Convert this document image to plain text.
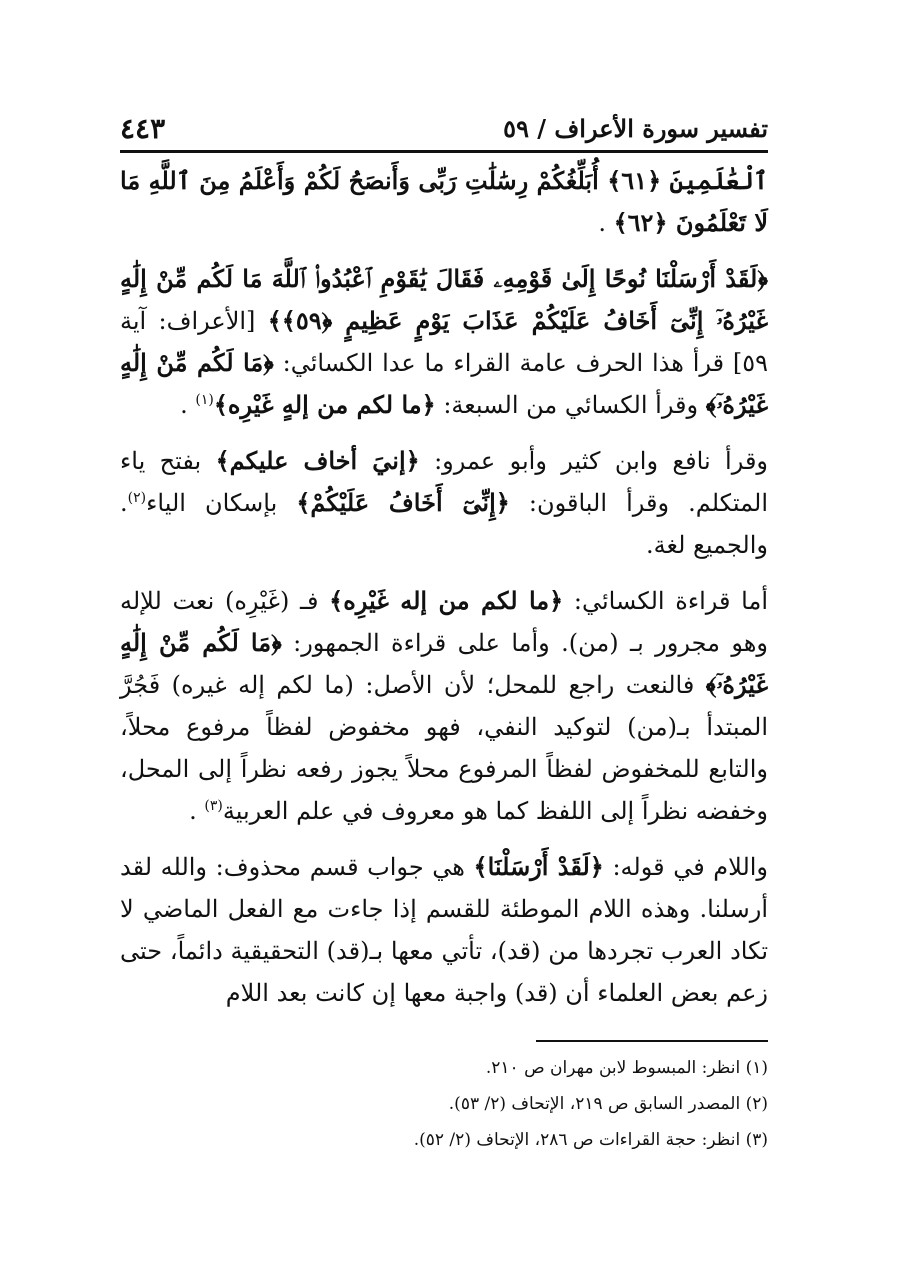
تفسير سورة الأعراف / ٥٩
٤٤٣

ٱلْعَٰلَمِينَ ﴿٦١﴾ أُبَلِّغُكُمْ رِسَٰلَٰتِ رَبِّى وَأَنصَحُ لَكُمْ وَأَعْلَمُ مِنَ ٱللَّهِ مَا لَا تَعْلَمُونَ ﴿٦٢﴾ .

﴿لَقَدْ أَرْسَلْنَا نُوحًا إِلَىٰ قَوْمِهِۦ فَقَالَ يَٰقَوْمِ ٱعْبُدُوا۟ ٱللَّهَ مَا لَكُم مِّنْ إِلَٰهٍ غَيْرُهُۥٓ إِنِّىٓ أَخَافُ عَلَيْكُمْ عَذَابَ يَوْمٍ عَظِيمٍ ﴿٥٩﴾﴾ [الأعراف: آية ٥٩] قرأ هذا الحرف عامة القراء ما عدا الكسائي: ﴿مَا لَكُم مِّنْ إِلَٰهٍ غَيْرُهُۥٓ﴾ وقرأ الكسائي من السبعة: ﴿ما لكم من إلهٍ غَيْرِه﴾$^{(١)}$ .

وقرأ نافع وابن كثير وأبو عمرو: ﴿إنيَ أخاف عليكم﴾ بفتح ياء المتكلم. وقرأ الباقون: ﴿إِنِّىٓ أَخَافُ عَلَيْكُمْ﴾ بإسكان الياء$^{(٢)}$. والجميع لغة.

أما قراءة الكسائي: ﴿ما لكم من إله غَيْرِه﴾ فـ (غَيْرِه) نعت للإله وهو مجرور بـ (من). وأما على قراءة الجمهور: ﴿مَا لَكُم مِّنْ إِلَٰهٍ غَيْرُهُۥٓ﴾ فالنعت راجع للمحل؛ لأن الأصل: (ما لكم إله غيره) فَجُرَّ المبتدأ بـ(من) لتوكيد النفي، فهو مخفوض لفظاً مرفوع محلاً، والتابع للمخفوض لفظاً المرفوع محلاً يجوز رفعه نظراً إلى المحل، وخفضه نظراً إلى اللفظ كما هو معروف في علم العربية$^{(٣)}$ .

واللام في قوله: ﴿لَقَدْ أَرْسَلْنَا﴾ هي جواب قسم محذوف: والله لقد أرسلنا. وهذه اللام الموطئة للقسم إذا جاءت مع الفعل الماضي لا تكاد العرب تجردها من (قد)، تأتي معها بـ(قد) التحقيقية دائماً، حتى زعم بعض العلماء أن (قد) واجبة معها إن كانت بعد اللام

(١) انظر: المبسوط لابن مهران ص ٢١٠.
(٢) المصدر السابق ص ٢١٩، الإتحاف (٢/ ٥٣).
(٣) انظر: حجة القراءات ص ٢٨٦، الإتحاف (٢/ ٥٢).
